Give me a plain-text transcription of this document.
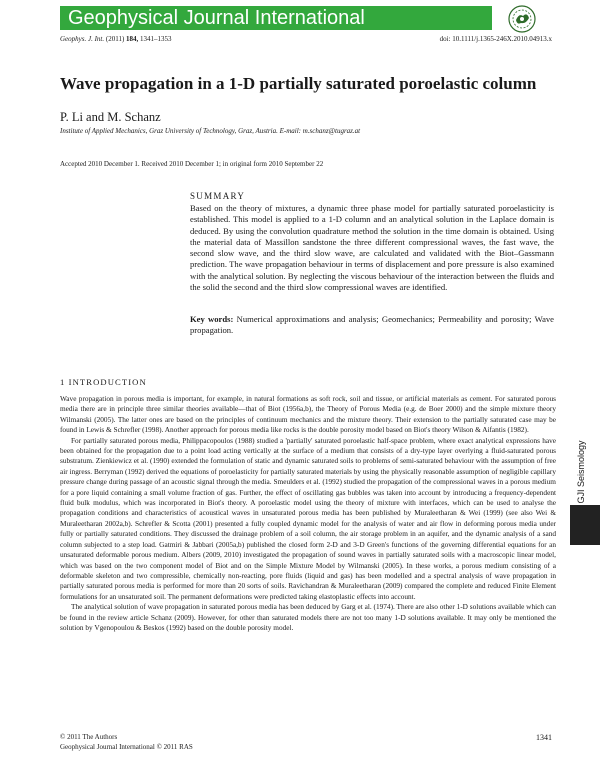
Geophysical Journal International
Geophys. J. Int. (2011) 184, 1341–1353	doi: 10.1111/j.1365-246X.2010.04913.x
Wave propagation in a 1-D partially saturated poroelastic column
P. Li and M. Schanz
Institute of Applied Mechanics, Graz University of Technology, Graz, Austria. E-mail: m.schanz@tugraz.at
Accepted 2010 December 1. Received 2010 December 1; in original form 2010 September 22
SUMMARY
Based on the theory of mixtures, a dynamic three phase model for partially saturated poroelasticity is established. This model is applied to a 1-D column and an analytical solution in the Laplace domain is deduced. By using the convolution quadrature method the solution in the time domain is obtained. Using the material data of Massillon sandstone the three different compressional waves, the fast wave, the second slow wave, and the third slow wave, are calculated and validated with the Biot–Gassmann prediction. The wave propagation behaviour in terms of displacement and pore pressure is also examined with the analytical solution. By neglecting the viscous behaviour of the interaction between the fluids and the solid the second and the third slow compressional waves are identified.
Key words: Numerical approximations and analysis; Geomechanics; Permeability and porosity; Wave propagation.
1 INTRODUCTION

Wave propagation in porous media is important, for example, in natural formations as soft rock, soil and tissue, or artificial materials as cement. For saturated porous media there are in principle three similar theories available—that of Biot (1956a,b), the Theory of Porous Media (e.g. de Boer 2000) and the simple mixture theory Wilmanski (2005). The latter ones are based on the principles of continuum mechanics and the mixture theory. Their extension to the partially saturated case may be found in Lewis & Schrefler (1998). Another approach for porous media like rocks is the double porosity model based on Biot's theory Wilson & Aifantis (1982).

For partially saturated porous media, Philippacopoulos (1988) studied a 'partially' saturated poroelastic half-space problem, where exact analytical expressions have been obtained for the propagation due to a point load acting vertically at the surface of a medium that consists of a dry-type layer overlying a fluid-saturated porous substratum. Zienkiewicz et al. (1990) extended the formulation of static and dynamic saturated soils to problems of semi-saturated behaviour with the assumption of free air ingress. Berryman (1992) derived the equations of poroelasticity for partially saturated materials by using the physically reasonable assumption of negligible capillary pressure change during passage of an acoustic signal through the media. Smeulders et al. (1992) studied the propagation of the compressional waves in a porous medium for a pore liquid containing a small volume fraction of gas. Further, the effect of oscillating gas bubbles was taken into account by introducing a frequency-dependent fluid bulk modulus, which was incorporated in Biot's theory. A poroelastic model using the theory of mixture with interfaces, which can be used to analyse the propagation conditions and characteristics of acoustical waves in unsaturated porous media has been published by Muraleetharan & Wei (1999) (see also Wei & Muraleetharan 2002a,b). Schrefler & Scotta (2001) presented a fully coupled dynamic model for the analysis of water and air flow in deforming porous media under fully or partially saturated conditions. They discussed the drainage problem of a soil column, the air storage problem in an aquifer, and the dynamic analysis of a sand column subjected to a step load. Gatmiri & Jabbari (2005a,b) published the closed form 2-D and 3-D Green's functions of the governing differential equations for an unsaturated deformable porous medium. Albers (2009, 2010) investigated the propagation of sound waves in partially saturated soils with a macroscopic linear model, which was based on the two component model of Biot and on the Simple Mixture Model by Wilmanski (2005). In these works, a porous medium consisting of a deformable skeleton and two compressible, chemically non-reacting, pore fluids (liquid and gas) has been modelled and a spectral analysis of wave propagation in partially saturated porous media is performed for more than 20 sorts of soils. Ravichandran & Muraleetharan (2009) compared the complete and reduced Finite Element formulations for an unsaturated soil. The permanent deformations were predicted taking elastoplastic effects into account.

The analytical solution of wave propagation in saturated porous media has been deduced by Garg et al. (1974). There are also other 1-D solutions available which can be found in the review article Schanz (2009). However, for other than saturated models there are not too many 1-D solutions available. It may only be mentioned the solution by Vgenopoulou & Beskos (1992) based on the double porosity model.

GJI Seismology
© 2011 The Authors
Geophysical Journal International © 2011 RAS
1341
